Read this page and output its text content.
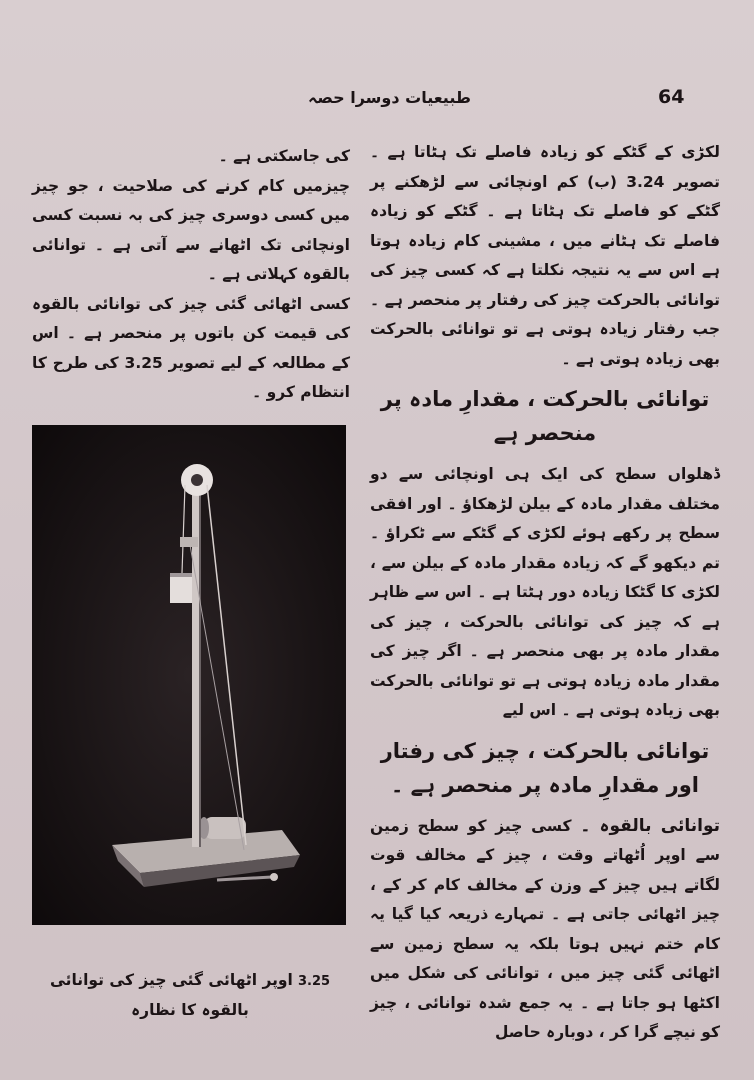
طبیعیات دوسرا حصہ	64

لکڑی کے گٹکے کو زیادہ فاصلے تک ہٹاتا ہے ۔ تصویر 3.24 (ب) کم اونچائی سے لڑھکنے پر گٹکے کو فاصلے تک ہٹاتا ہے ۔ گٹکے کو زیادہ فاصلے تک ہٹانے میں ، مشینی کام زیادہ ہوتا ہے اس سے یہ نتیجہ نکلتا ہے کہ کسی چیز کی توانائی بالحرکت چیز کی رفتار پر منحصر ہے ۔ جب رفتار زیادہ ہوتی ہے تو توانائی بالحرکت بھی زیادہ ہوتی ہے ۔

توانائی بالحرکت ، مقدارِ مادہ پر منحصر ہے

ڈھلواں سطح کی ایک ہی اونچائی سے دو مختلف مقدار مادہ کے بیلن لڑھکاؤ ۔ اور افقی سطح پر رکھے ہوئے لکڑی کے گٹکے سے ٹکراؤ ۔ تم دیکھو گے کہ زیادہ مقدار مادہ کے بیلن سے ، لکڑی کا گٹکا زیادہ دور ہٹتا ہے ۔ اس سے ظاہر ہے کہ چیز کی توانائی بالحرکت ، چیز کی مقدار مادہ پر بھی منحصر ہے ۔ اگر چیز کی مقدار مادہ زیادہ ہوتی ہے تو توانائی بالحرکت بھی زیادہ ہوتی ہے ۔ اس لیے

توانائی بالحرکت ، چیز کی رفتار اور مقدارِ مادہ پر منحصر ہے ۔

توانائی بالقوہ ۔ کسی چیز کو سطح زمین سے اوپر اُٹھاتے وقت ، چیز کے مخالف قوت لگاتے ہیں چیز کے وزن کے مخالف کام کر کے ، چیز اٹھائی جاتی ہے ۔ تمہارے ذریعہ کیا گیا یہ کام ختم نہیں ہوتا بلکہ یہ سطح زمین سے اٹھائی گئی چیز میں ، توانائی کی شکل میں اکٹھا ہو جاتا ہے ۔ یہ جمع شدہ توانائی ، چیز کو نیچے گرا کر ، دوبارہ حاصل

کی جاسکتی ہے ۔

چیزمیں کام کرنے کی صلاحیت ، جو چیز میں کسی دوسری چیز کی بہ نسبت کسی اونچائی تک اٹھانے سے آتی ہے ۔ توانائی بالقوہ کہلاتی ہے ۔

کسی اٹھائی گئی چیز کی توانائی بالقوہ کی قیمت کن باتوں پر منحصر ہے ۔ اس کے مطالعہ کے لیے تصویر 3.25 کی طرح کا انتظام کرو ۔

3.25 اوپر اٹھائی گئی چیز کی توانائی بالقوہ کا نظارہ
